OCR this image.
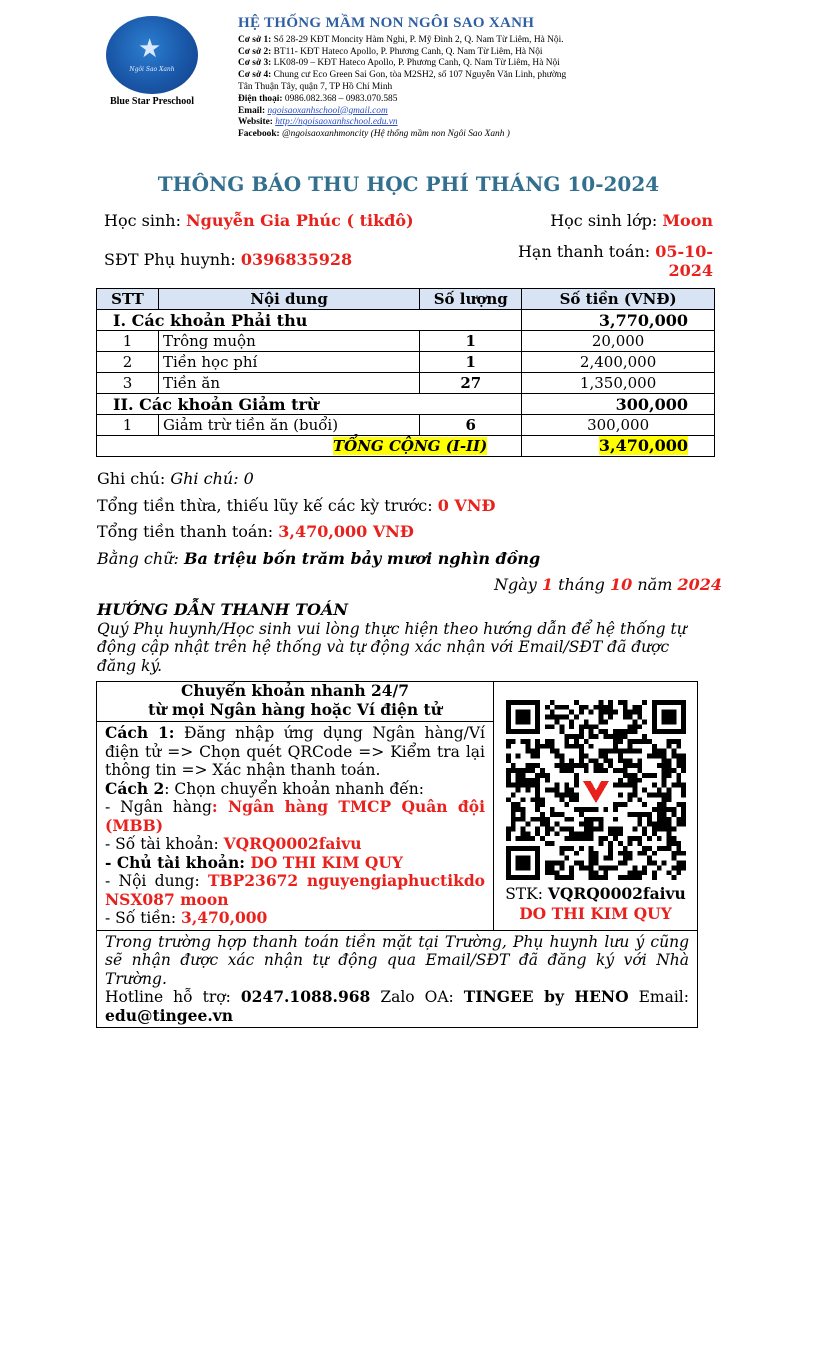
★
Ngôi Sao Xanh
Blue Star Preschool
HỆ THỐNG MẦM NON NGÔI SAO XANH
Cơ sở 1: Số 28-29 KĐT Moncity Hàm Nghi, P. Mỹ Đình 2, Q. Nam Từ Liêm, Hà Nội.
Cơ sở 2: BT11- KĐT Hateco Apollo, P. Phương Canh, Q. Nam Từ Liêm, Hà Nội
Cơ sở 3: LK08-09 – KĐT Hateco Apollo, P. Phương Canh, Q. Nam Từ Liêm, Hà Nội
Cơ sở 4: Chung cư Eco Green Sai Gon, tòa M2SH2, số 107 Nguyễn Văn Linh, phường
Tân Thuận Tây, quận 7, TP Hồ Chí Minh
Điện thoại: 0986.082.368 – 0983.070.585
Email: ngoisaoxanhschool@gmail.com
Website: http://ngoisaoxanhschool.edu.vn
Facebook: @ngoisaoxanhmoncity (Hệ thống mầm non Ngôi Sao Xanh )
THÔNG BÁO THU HỌC PHÍ THÁNG 10-2024
Học sinh: Nguyễn Gia Phúc ( tikđô)	Học sinh lớp: Moon
SĐT Phụ huynh: 0396835928	Hạn thanh toán: 05-10-
2024
STT	Nội dung	Số lượng	Số tiền (VNĐ)
I. Các khoản Phải thu			3,770,000
1	Trông muộn	1	20,000
2	Tiền học phí	1	2,400,000
3	Tiền ăn	27	1,350,000
II. Các khoản Giảm trừ			300,000
1	Giảm trừ tiền ăn (buổi)	6	300,000
TỔNG CỘNG (I-II)			3,470,000
Ghi chú: Ghi chú: 0
Tổng tiền thừa, thiếu lũy kế các kỳ trước: 0 VNĐ
Tổng tiền thanh toán: 3,470,000 VNĐ
Bằng chữ: Ba triệu bốn trăm bảy mươi nghìn đồng
Ngày 1 tháng 10 năm 2024
HƯỚNG DẪN THANH TOÁN
Quý Phụ huynh/Học sinh vui lòng thực hiện theo hướng dẫn để hệ thống tự động cập nhật trên hệ thống và tự động xác nhận với Email/SĐT đã được đăng ký.
Chuyển khoản nhanh 24/7
từ mọi Ngân hàng hoặc Ví điện tử
Cách 1: Đăng nhập ứng dụng Ngân hàng/Ví điện tử => Chọn quét QRCode => Kiểm tra lại thông tin => Xác nhận thanh toán.
Cách 2: Chọn chuyển khoản nhanh đến:
- Ngân hàng: Ngân hàng TMCP Quân đội (MBB)
- Số tài khoản: VQRQ0002faivu
- Chủ tài khoản: DO THI KIM QUY
- Nội dung: TBP23672 nguyengiaphuctikdo NSX087 moon
- Số tiền: 3,470,000
STK: VQRQ0002faivu
DO THI KIM QUY
Trong trường hợp thanh toán tiền mặt tại Trường, Phụ huynh lưu ý cũng sẽ nhận được xác nhận tự động qua Email/SĐT đã đăng ký với Nhà Trường.
Hotline hỗ trợ: 0247.1088.968 Zalo OA: TINGEE by HENO Email: edu@tingee.vn
